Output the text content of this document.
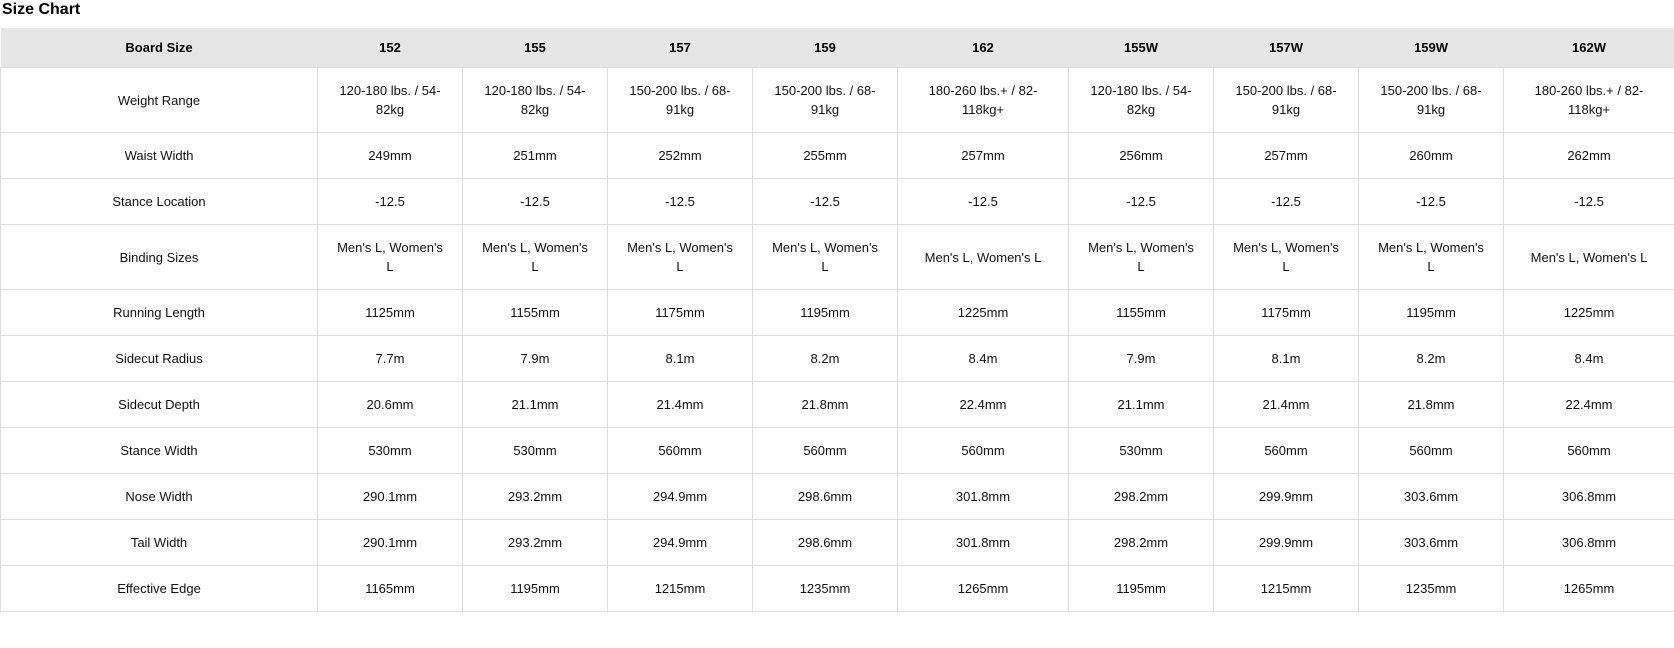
Size Chart
Board Size	152	155	157	159	162	155W	157W	159W	162W
Weight Range	120-180 lbs. / 54-82kg	120-180 lbs. / 54-82kg	150-200 lbs. / 68-91kg	150-200 lbs. / 68-91kg	180-260 lbs.+ / 82-118kg+	120-180 lbs. / 54-82kg	150-200 lbs. / 68-91kg	150-200 lbs. / 68-91kg	180-260 lbs.+ / 82-118kg+
Waist Width	249mm	251mm	252mm	255mm	257mm	256mm	257mm	260mm	262mm
Stance Location	-12.5	-12.5	-12.5	-12.5	-12.5	-12.5	-12.5	-12.5	-12.5
Binding Sizes	Men's L, Women's L	Men's L, Women's L	Men's L, Women's L	Men's L, Women's L	Men's L, Women's L	Men's L, Women's L	Men's L, Women's L	Men's L, Women's L	Men's L, Women's L
Running Length	1125mm	1155mm	1175mm	1195mm	1225mm	1155mm	1175mm	1195mm	1225mm
Sidecut Radius	7.7m	7.9m	8.1m	8.2m	8.4m	7.9m	8.1m	8.2m	8.4m
Sidecut Depth	20.6mm	21.1mm	21.4mm	21.8mm	22.4mm	21.1mm	21.4mm	21.8mm	22.4mm
Stance Width	530mm	530mm	560mm	560mm	560mm	530mm	560mm	560mm	560mm
Nose Width	290.1mm	293.2mm	294.9mm	298.6mm	301.8mm	298.2mm	299.9mm	303.6mm	306.8mm
Tail Width	290.1mm	293.2mm	294.9mm	298.6mm	301.8mm	298.2mm	299.9mm	303.6mm	306.8mm
Effective Edge	1165mm	1195mm	1215mm	1235mm	1265mm	1195mm	1215mm	1235mm	1265mm
